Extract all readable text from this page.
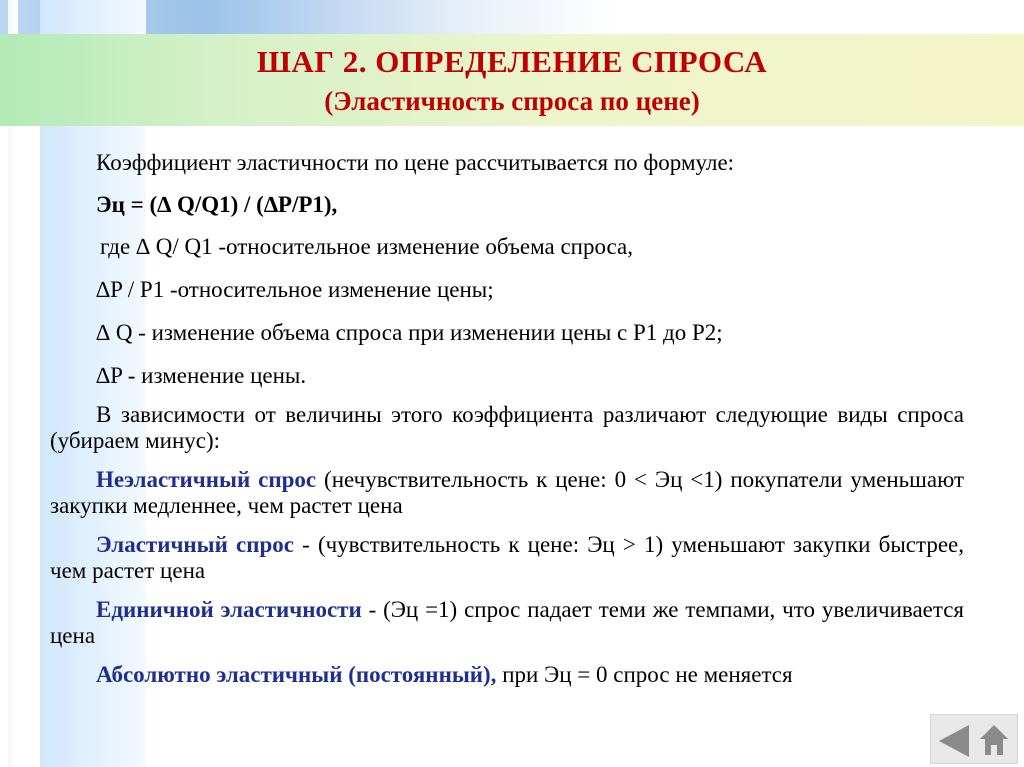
ШАГ 2. ОПРЕДЕЛЕНИЕ СПРОСА
(Эластичность спроса по цене)

Коэффициент эластичности по цене рассчитывается по формуле:

Эц = (∆ Q/Q1) / (∆P/P1),

где ∆ Q/ Q1 -относительное изменение объема спроса,

∆P / P1 -относительное изменение цены;

∆ Q - изменение объема спроса при изменении цены с P1 до P2;

∆P - изменение цены.

В зависимости от величины этого коэффициента различают следующие виды спроса (убираем минус):

Неэластичный спрос (нечувствительность к цене: 0 < Эц <1) покупатели уменьшают закупки медленнее, чем растет цена

Эластичный спрос - (чувствительность к цене: Эц > 1) уменьшают закупки быстрее, чем растет цена

Единичной эластичности - (Эц =1) спрос падает теми же темпами, что увеличивается цена

Абсолютно эластичный (постоянный), при Эц = 0 спрос не меняется
